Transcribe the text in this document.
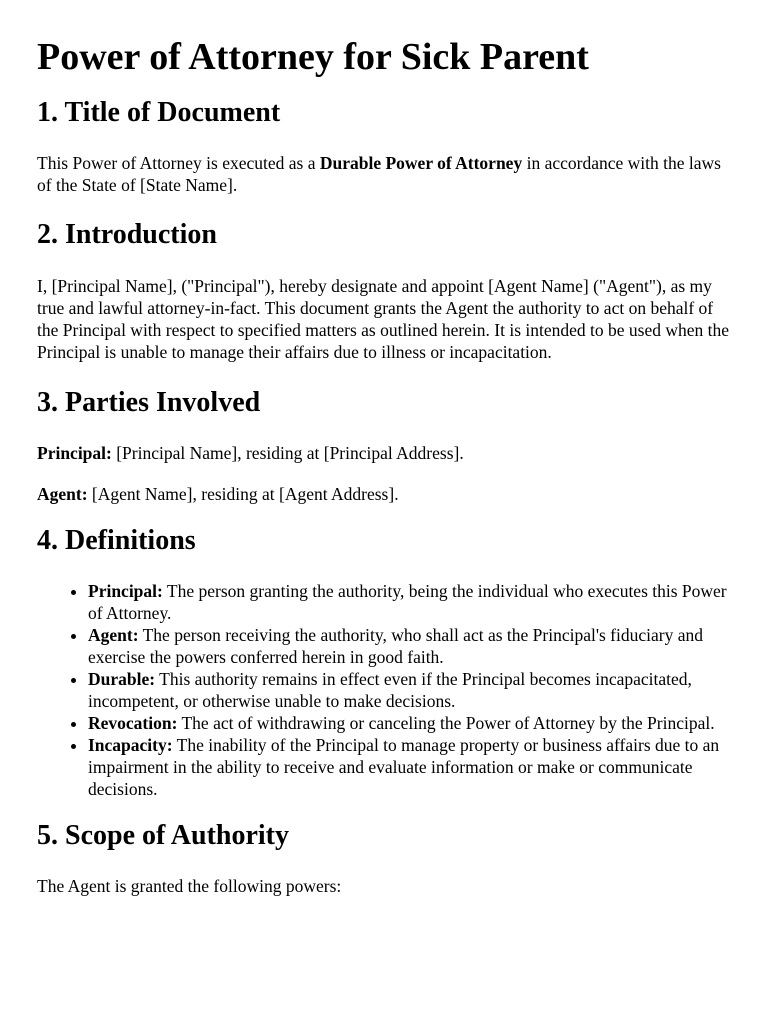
Power of Attorney for Sick Parent
1. Title of Document

This Power of Attorney is executed as a Durable Power of Attorney in accordance with the laws of the State of [State Name].

2. Introduction

I, [Principal Name], ("Principal"), hereby designate and appoint [Agent Name] ("Agent"), as my true and lawful attorney-in-fact. This document grants the Agent the authority to act on behalf of the Principal with respect to specified matters as outlined herein. It is intended to be used when the Principal is unable to manage their affairs due to illness or incapacitation.

3. Parties Involved

Principal: [Principal Name], residing at [Principal Address].

Agent: [Agent Name], residing at [Agent Address].

4. Definitions
• Principal: The person granting the authority, being the individual who executes this Power of Attorney.
• Agent: The person receiving the authority, who shall act as the Principal's fiduciary and exercise the powers conferred herein in good faith.
• Durable: This authority remains in effect even if the Principal becomes incapacitated, incompetent, or otherwise unable to make decisions.
• Revocation: The act of withdrawing or canceling the Power of Attorney by the Principal.
• Incapacity: The inability of the Principal to manage property or business affairs due to an impairment in the ability to receive and evaluate information or make or communicate decisions.
5. Scope of Authority

The Agent is granted the following powers:
